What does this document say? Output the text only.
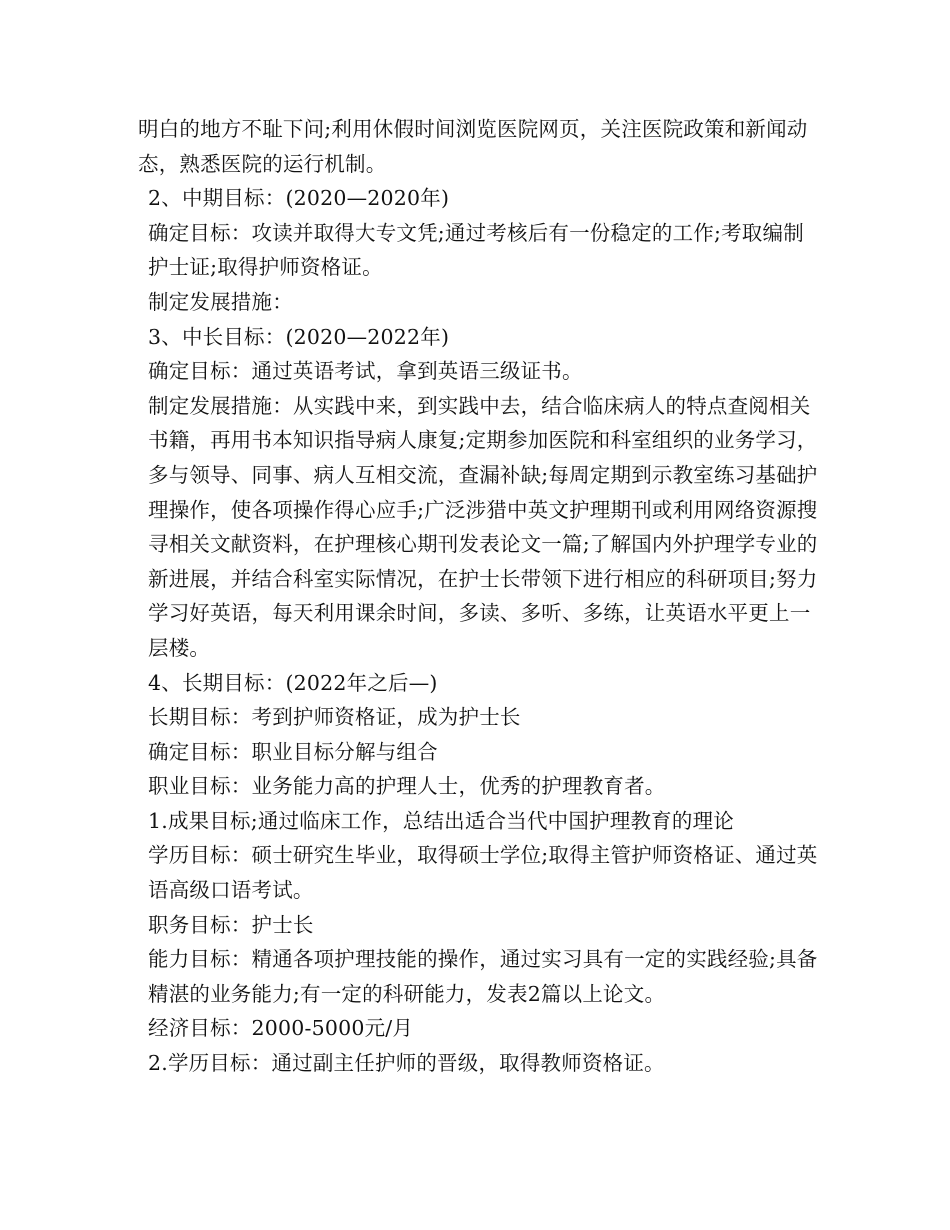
明白的地方不耻下问;利用休假时间浏览医院网页，关注医院政策和新闻动态，熟悉医院的运行机制。

2、中期目标：(2020—2020年)

确定目标：攻读并取得大专文凭;通过考核后有一份稳定的工作;考取编制护士证;取得护师资格证。

制定发展措施：

3、中长目标：(2020—2022年)

确定目标：通过英语考试，拿到英语三级证书。

制定发展措施：从实践中来，到实践中去，结合临床病人的特点查阅相关书籍，再用书本知识指导病人康复;定期参加医院和科室组织的业务学习，多与领导、同事、病人互相交流，查漏补缺;每周定期到示教室练习基础护理操作，使各项操作得心应手;广泛涉猎中英文护理期刊或利用网络资源搜寻相关文献资料，在护理核心期刊发表论文一篇;了解国内外护理学专业的新进展，并结合科室实际情况，在护士长带领下进行相应的科研项目;努力学习好英语，每天利用课余时间，多读、多听、多练，让英语水平更上一层楼。

4、长期目标：(2022年之后—)

长期目标：考到护师资格证，成为护士长

确定目标：职业目标分解与组合

职业目标：业务能力高的护理人士，优秀的护理教育者。

1.成果目标;通过临床工作，总结出适合当代中国护理教育的理论

学历目标：硕士研究生毕业，取得硕士学位;取得主管护师资格证、通过英语高级口语考试。

职务目标：护士长

能力目标：精通各项护理技能的操作，通过实习具有一定的实践经验;具备精湛的业务能力;有一定的科研能力，发表2篇以上论文。

经济目标：2000-5000元/月

2.学历目标：通过副主任护师的晋级，取得教师资格证。
